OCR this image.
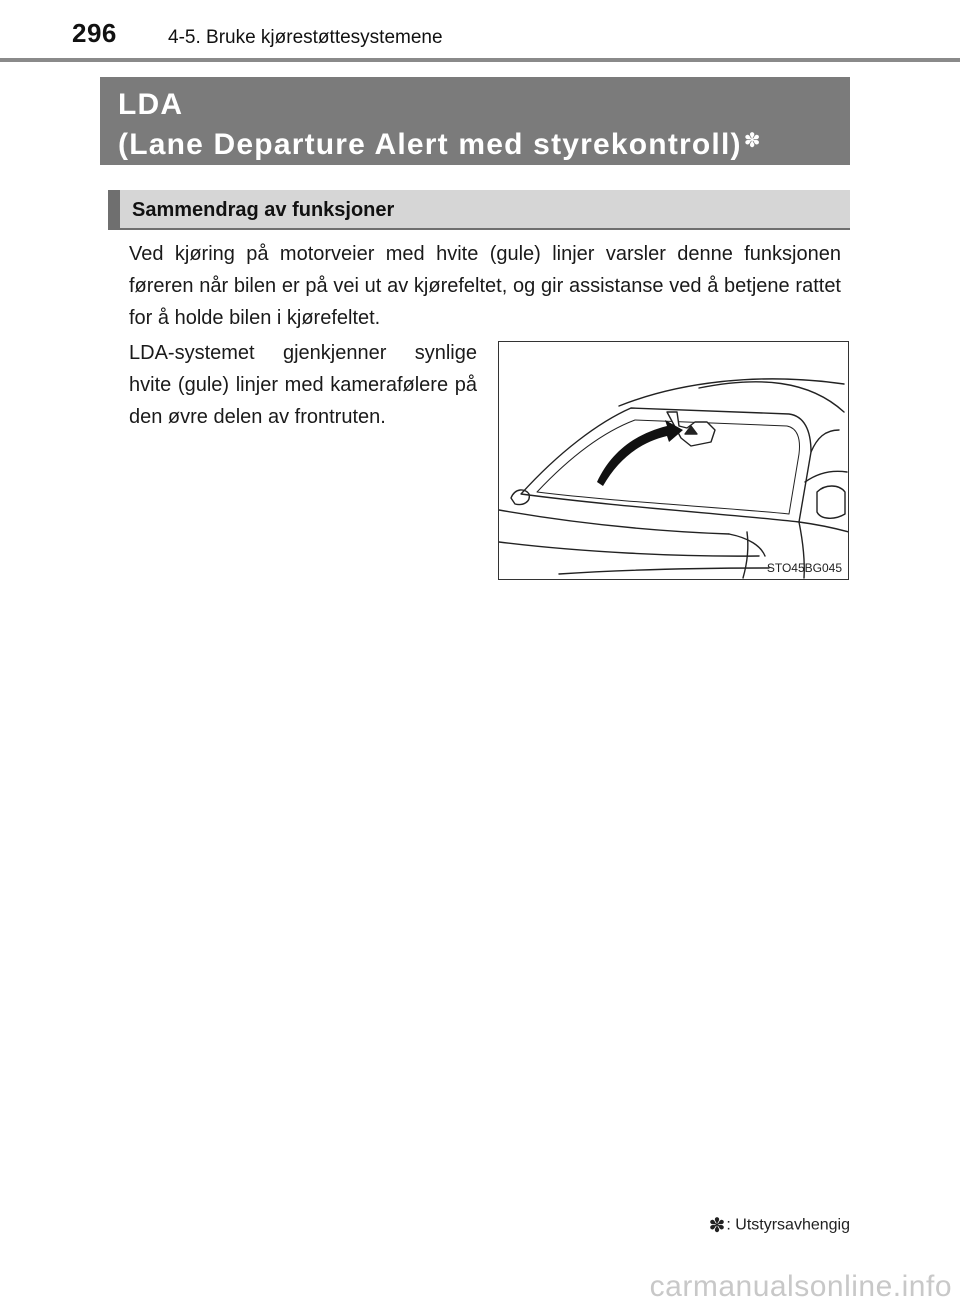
296	4-5. Bruke kjørestøttesystemene
LDA
(Lane Departure Alert med styrekontroll) ✽
Sammendrag av funksjoner

Ved kjøring på motorveier med hvite (gule) linjer varsler denne funksjonen føreren når bilen er på vei ut av kjørefeltet, og gir assistanse ved å betjene rattet for å holde bilen i kjørefeltet.

LDA-systemet gjenkjenner synlige hvite (gule) linjer med kamerafølere på den øvre delen av frontruten.

STO45BG045
✽: Utstyrsavhengig
carmanualsonline.info
